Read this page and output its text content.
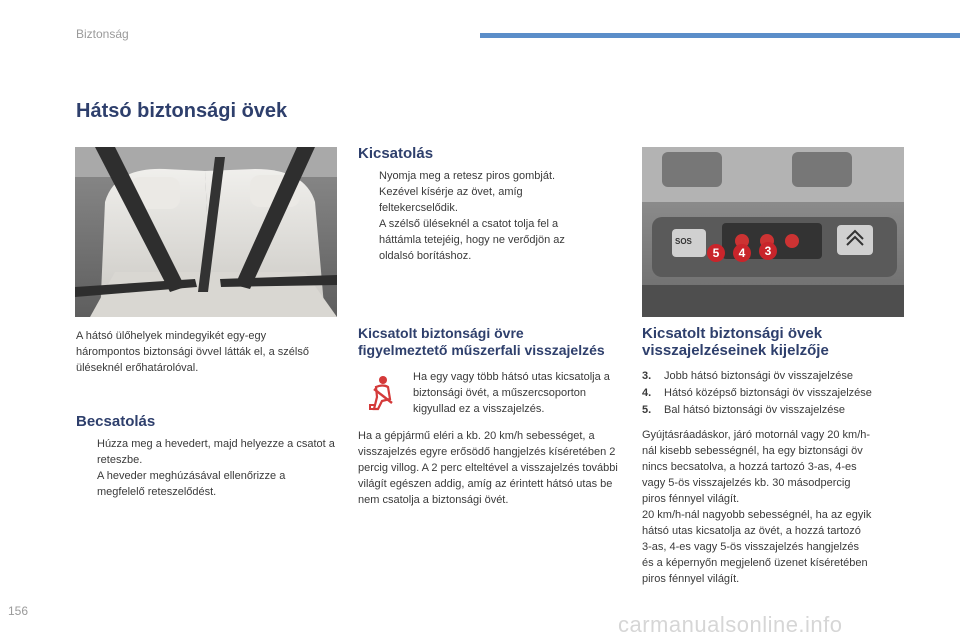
Biztonság
Hátsó biztonsági övek
A hátsó ülőhelyek mindegyikét egy-egy hárompontos biztonsági övvel látták el, a szélső üléseknél erőhatárolóval.
Becsatolás
Húzza meg a hevedert, majd helyezze a csatot a reteszbe.
A heveder meghúzásával ellenőrizze a megfelelő reteszelődést.
Kicsatolás
Nyomja meg a retesz piros gombját.
Kezével kísérje az övet, amíg feltekercselődik.
A szélső üléseknél a csatot tolja fel a háttámla tetejéig, hogy ne verődjön az oldalsó borításhoz.
Kicsatolt biztonsági övre
figyelmeztető műszerfali visszajelzés
Ha egy vagy több hátsó utas kicsatolja a biztonsági övét, a műszercsoporton kigyullad ez a visszajelzés.
Ha a gépjármű eléri a kb. 20 km/h sebességet, a visszajelzés egyre erősödő hangjelzés kíséretében 2 percig villog. A 2 perc elteltével a visszajelzés további világít egészen addig, amíg az érintett hátsó utas be nem csatolja a biztonsági övét.
SOS
5	4	3
Kicsatolt biztonsági övek
visszajelzéseinek kijelzője
3. Jobb hátsó biztonsági öv visszajelzése
4. Hátsó középső biztonsági öv visszajelzése
5. Bal hátsó biztonsági öv visszajelzése
Gyújtásráadáskor, járó motornál vagy 20 km/h-
nál kisebb sebességnél, ha egy biztonsági öv
nincs becsatolva, a hozzá tartozó 3-as, 4-es
vagy 5-ös visszajelzés kb. 30 másodpercig
piros fénnyel világít.
20 km/h-nál nagyobb sebességnél, ha az egyik
hátsó utas kicsatolja az övét, a hozzá tartozó
3-as, 4-es vagy 5-ös visszajelzés hangjelzés
és a képernyőn megjelenő üzenet kíséretében
piros fénnyel világít.
156
carmanualsonline.info
